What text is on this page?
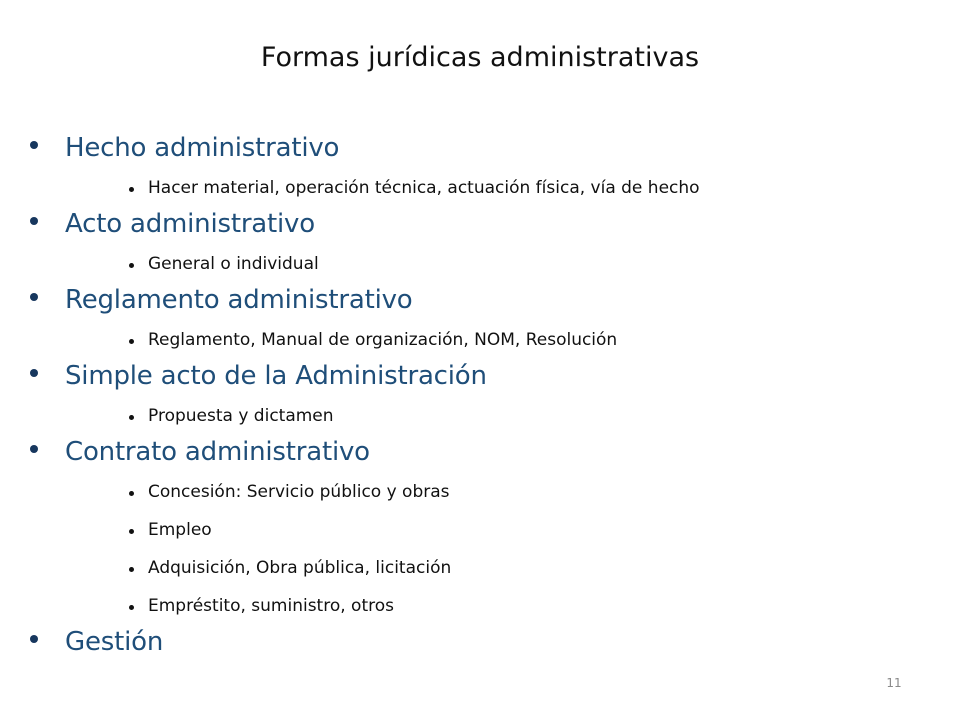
Formas jurídicas administrativas
Hecho administrativo
Hacer material, operación técnica, actuación física, vía de hecho
Acto administrativo
General o individual
Reglamento administrativo
Reglamento, Manual de organización, NOM, Resolución
Simple acto de la Administración
Propuesta y dictamen
Contrato administrativo
Concesión: Servicio público y obras
Empleo
Adquisición, Obra pública, licitación
Empréstito, suministro, otros
Gestión
11
